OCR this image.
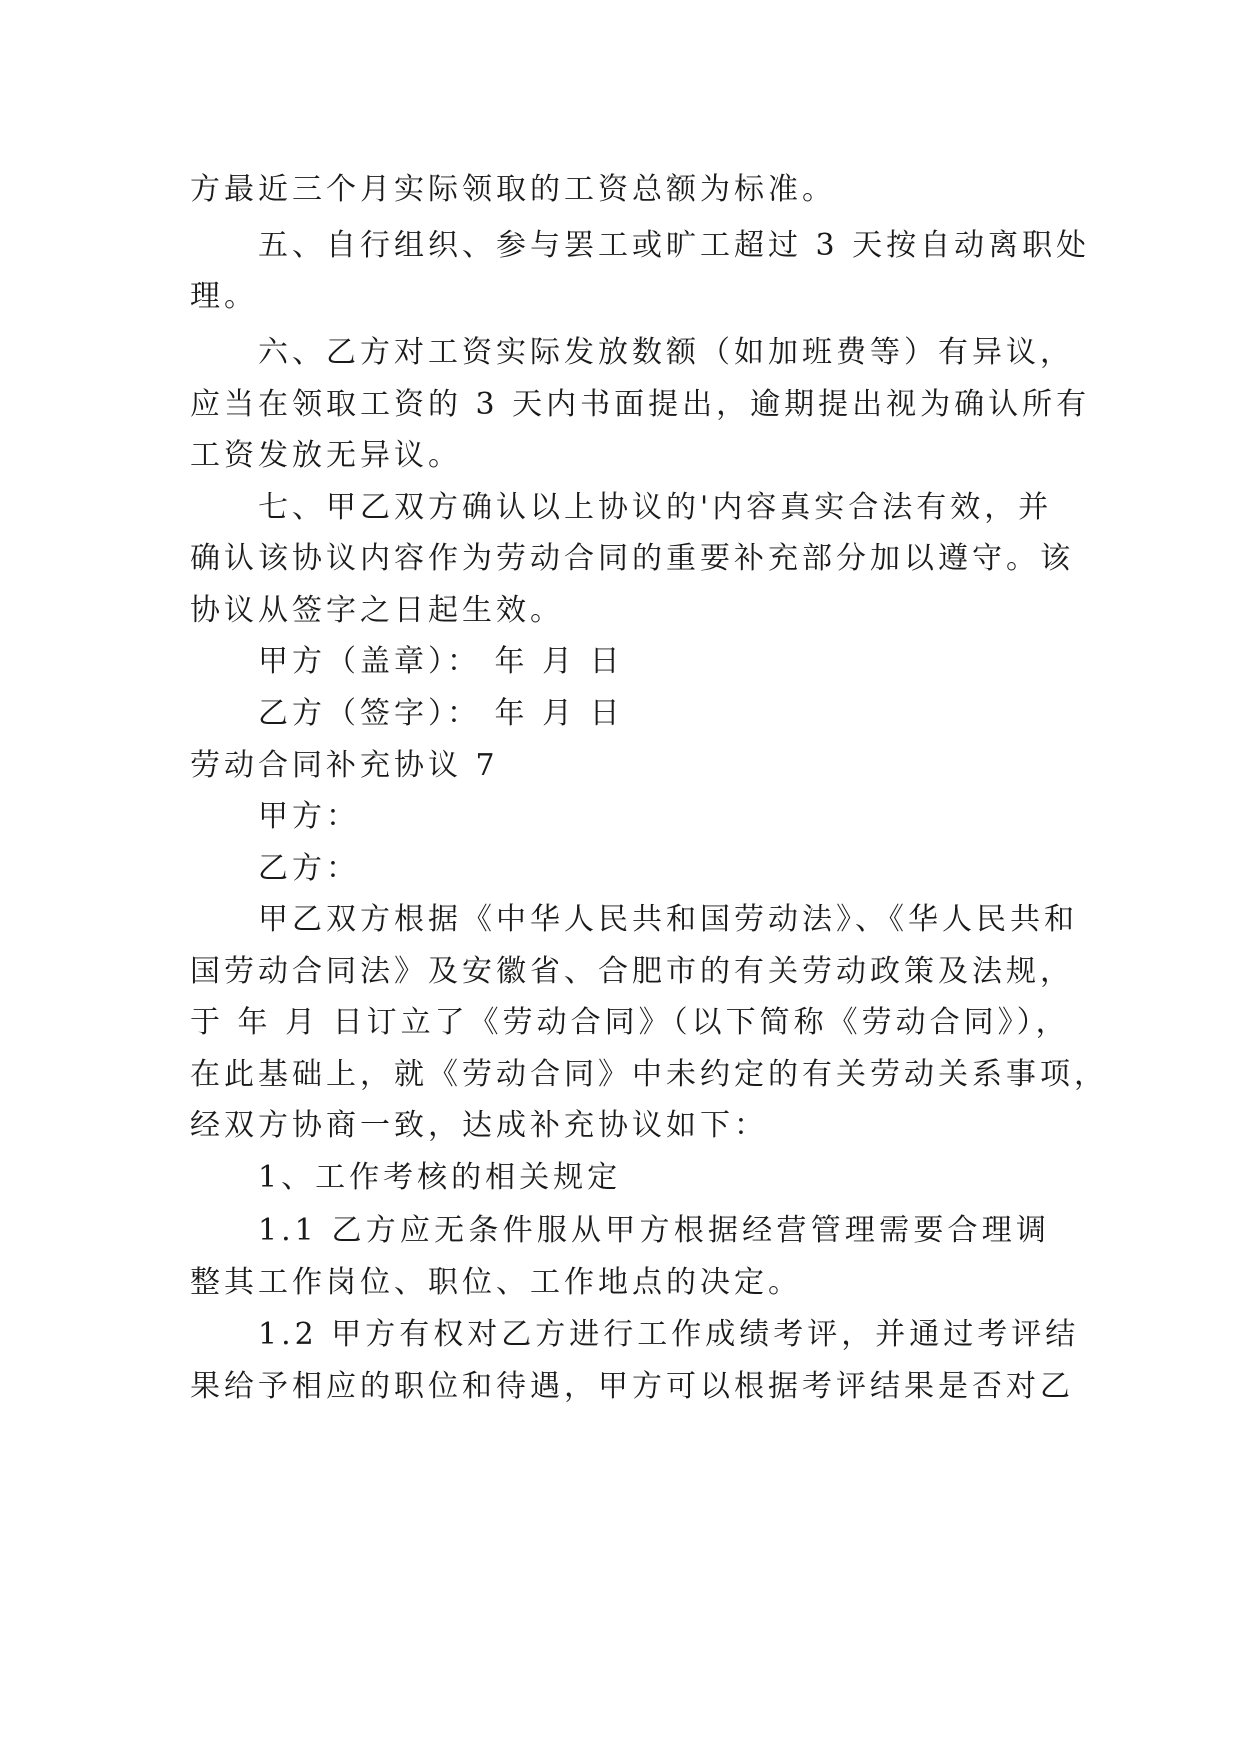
方最近三个月实际领取的工资总额为标准。
五、自行组织、参与罢工或旷工超过 3 天按自动离职处
理。
六、乙方对工资实际发放数额（如加班费等）有异议，
应当在领取工资的 3 天内书面提出，逾期提出视为确认所有
工资发放无异议。
七、甲乙双方确认以上协议的'内容真实合法有效，并
确认该协议内容作为劳动合同的重要补充部分加以遵守。该
协议从签字之日起生效。
甲方（盖章）： 年 月 日
乙方（签字）： 年 月 日
劳动合同补充协议 7
甲方：
乙方：
甲乙双方根据《中华人民共和国劳动法》、《华人民共和
国劳动合同法》及安徽省、合肥市的有关劳动政策及法规，
于 年 月 日订立了《劳动合同》（以下简称《劳动合同》），
在此基础上，就《劳动合同》中未约定的有关劳动关系事项，
经双方协商一致，达成补充协议如下：
1、工作考核的相关规定
1.1 乙方应无条件服从甲方根据经营管理需要合理调
整其工作岗位、职位、工作地点的决定。
1.2 甲方有权对乙方进行工作成绩考评，并通过考评结
果给予相应的职位和待遇，甲方可以根据考评结果是否对乙
